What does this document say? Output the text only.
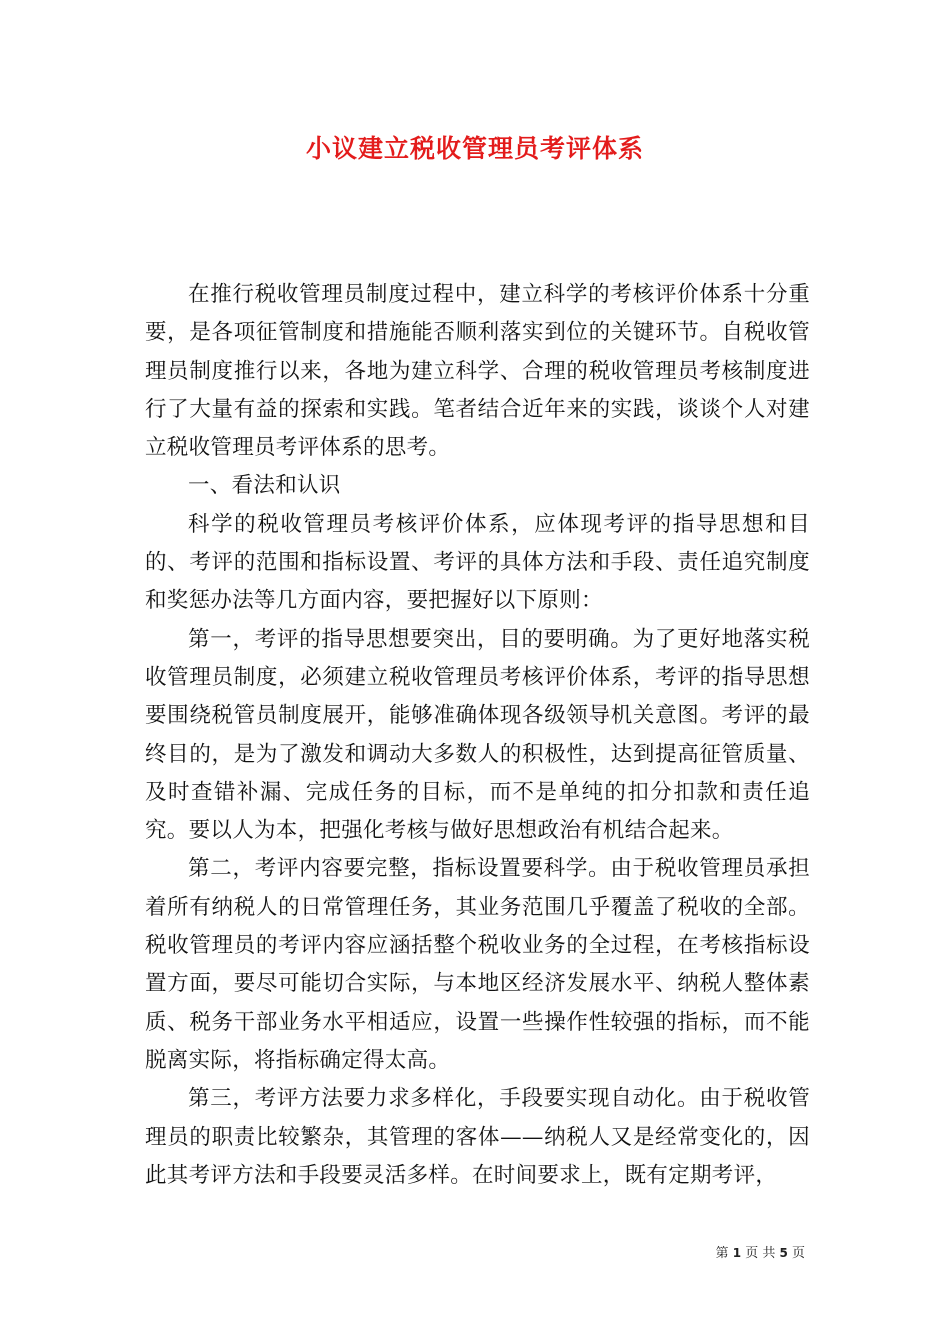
小议建立税收管理员考评体系

在推行税收管理员制度过程中，建立科学的考核评价体系十分重要，是各项征管制度和措施能否顺利落实到位的关键环节。自税收管理员制度推行以来，各地为建立科学、合理的税收管理员考核制度进行了大量有益的探索和实践。笔者结合近年来的实践，谈谈个人对建立税收管理员考评体系的思考。

一、看法和认识

科学的税收管理员考核评价体系，应体现考评的指导思想和目的、考评的范围和指标设置、考评的具体方法和手段、责任追究制度和奖惩办法等几方面内容，要把握好以下原则：

第一，考评的指导思想要突出，目的要明确。为了更好地落实税收管理员制度，必须建立税收管理员考核评价体系，考评的指导思想要围绕税管员制度展开，能够准确体现各级领导机关意图。考评的最终目的，是为了激发和调动大多数人的积极性，达到提高征管质量、及时查错补漏、完成任务的目标，而不是单纯的扣分扣款和责任追究。要以人为本，把强化考核与做好思想政治有机结合起来。

第二，考评内容要完整，指标设置要科学。由于税收管理员承担着所有纳税人的日常管理任务，其业务范围几乎覆盖了税收的全部。税收管理员的考评内容应涵括整个税收业务的全过程，在考核指标设置方面，要尽可能切合实际，与本地区经济发展水平、纳税人整体素质、税务干部业务水平相适应，设置一些操作性较强的指标，而不能脱离实际，将指标确定得太高。

第三，考评方法要力求多样化，手段要实现自动化。由于税收管理员的职责比较繁杂，其管理的客体——纳税人又是经常变化的，因此其考评方法和手段要灵活多样。在时间要求上，既有定期考评，

第 1 页 共 5 页
